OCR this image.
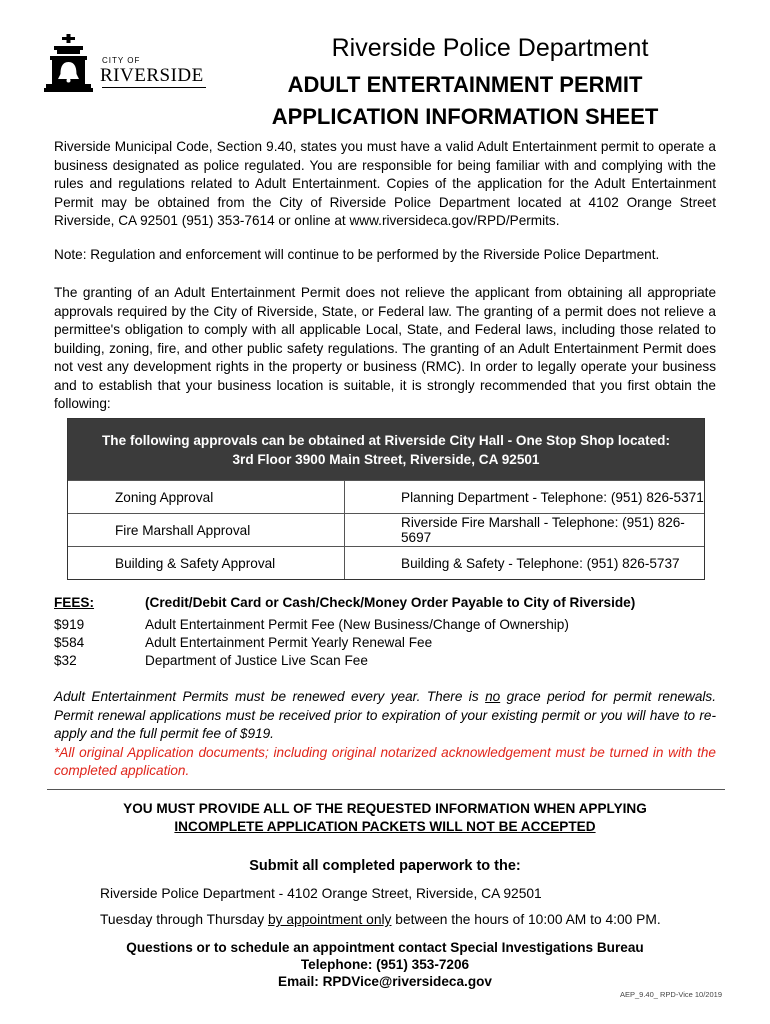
CITY OF
RIVERSIDE
Riverside Police Department
ADULT ENTERTAINMENT PERMIT
APPLICATION INFORMATION SHEET
Riverside Municipal Code, Section 9.40, states you must have a valid Adult Entertainment permit to operate a business designated as police regulated. You are responsible for being familiar with and complying with the rules and regulations related to Adult Entertainment. Copies of the application for the Adult Entertainment Permit may be obtained from the City of Riverside Police Department located at 4102 Orange Street Riverside, CA 92501 (951) 353-7614 or online at www.riversideca.gov/RPD/Permits.
Note: Regulation and enforcement will continue to be performed by the Riverside Police Department.
The granting of an Adult Entertainment Permit does not relieve the applicant from obtaining all appropriate approvals required by the City of Riverside, State, or Federal law. The granting of a permit does not relieve a permittee's obligation to comply with all applicable Local, State, and Federal laws, including those related to building, zoning, fire, and other public safety regulations. The granting of an Adult Entertainment Permit does not vest any development rights in the property or business (RMC). In order to legally operate your business and to establish that your business location is suitable, it is strongly recommended that you first obtain the following:
The following approvals can be obtained at Riverside City Hall - One Stop Shop located:
3rd Floor 3900 Main Street, Riverside, CA 92501
Zoning Approval	Planning Department - Telephone: (951) 826-5371
Fire Marshall Approval	Riverside Fire Marshall - Telephone: (951) 826-5697
Building & Safety Approval	Building & Safety - Telephone: (951) 826-5737
FEES:	(Credit/Debit Card or Cash/Check/Money Order Payable to City of Riverside)
$919	Adult Entertainment Permit Fee (New Business/Change of Ownership)
$584	Adult Entertainment Permit Yearly Renewal Fee
$32	Department of Justice Live Scan Fee
Adult Entertainment Permits must be renewed every year. There is no grace period for permit renewals. Permit renewal applications must be received prior to expiration of your existing permit or you will have to re-apply and the full permit fee of $919.
*All original Application documents; including original notarized acknowledgement must be turned in with the completed application.
YOU MUST PROVIDE ALL OF THE REQUESTED INFORMATION WHEN APPLYING
INCOMPLETE APPLICATION PACKETS WILL NOT BE ACCEPTED
Submit all completed paperwork to the:
Riverside Police Department - 4102 Orange Street, Riverside, CA 92501
Tuesday through Thursday by appointment only between the hours of 10:00 AM to 4:00 PM.
Questions or to schedule an appointment contact Special Investigations Bureau
Telephone: (951) 353-7206
Email: RPDVice@riversideca.gov
AEP_9.40_ RPD-Vice 10/2019
